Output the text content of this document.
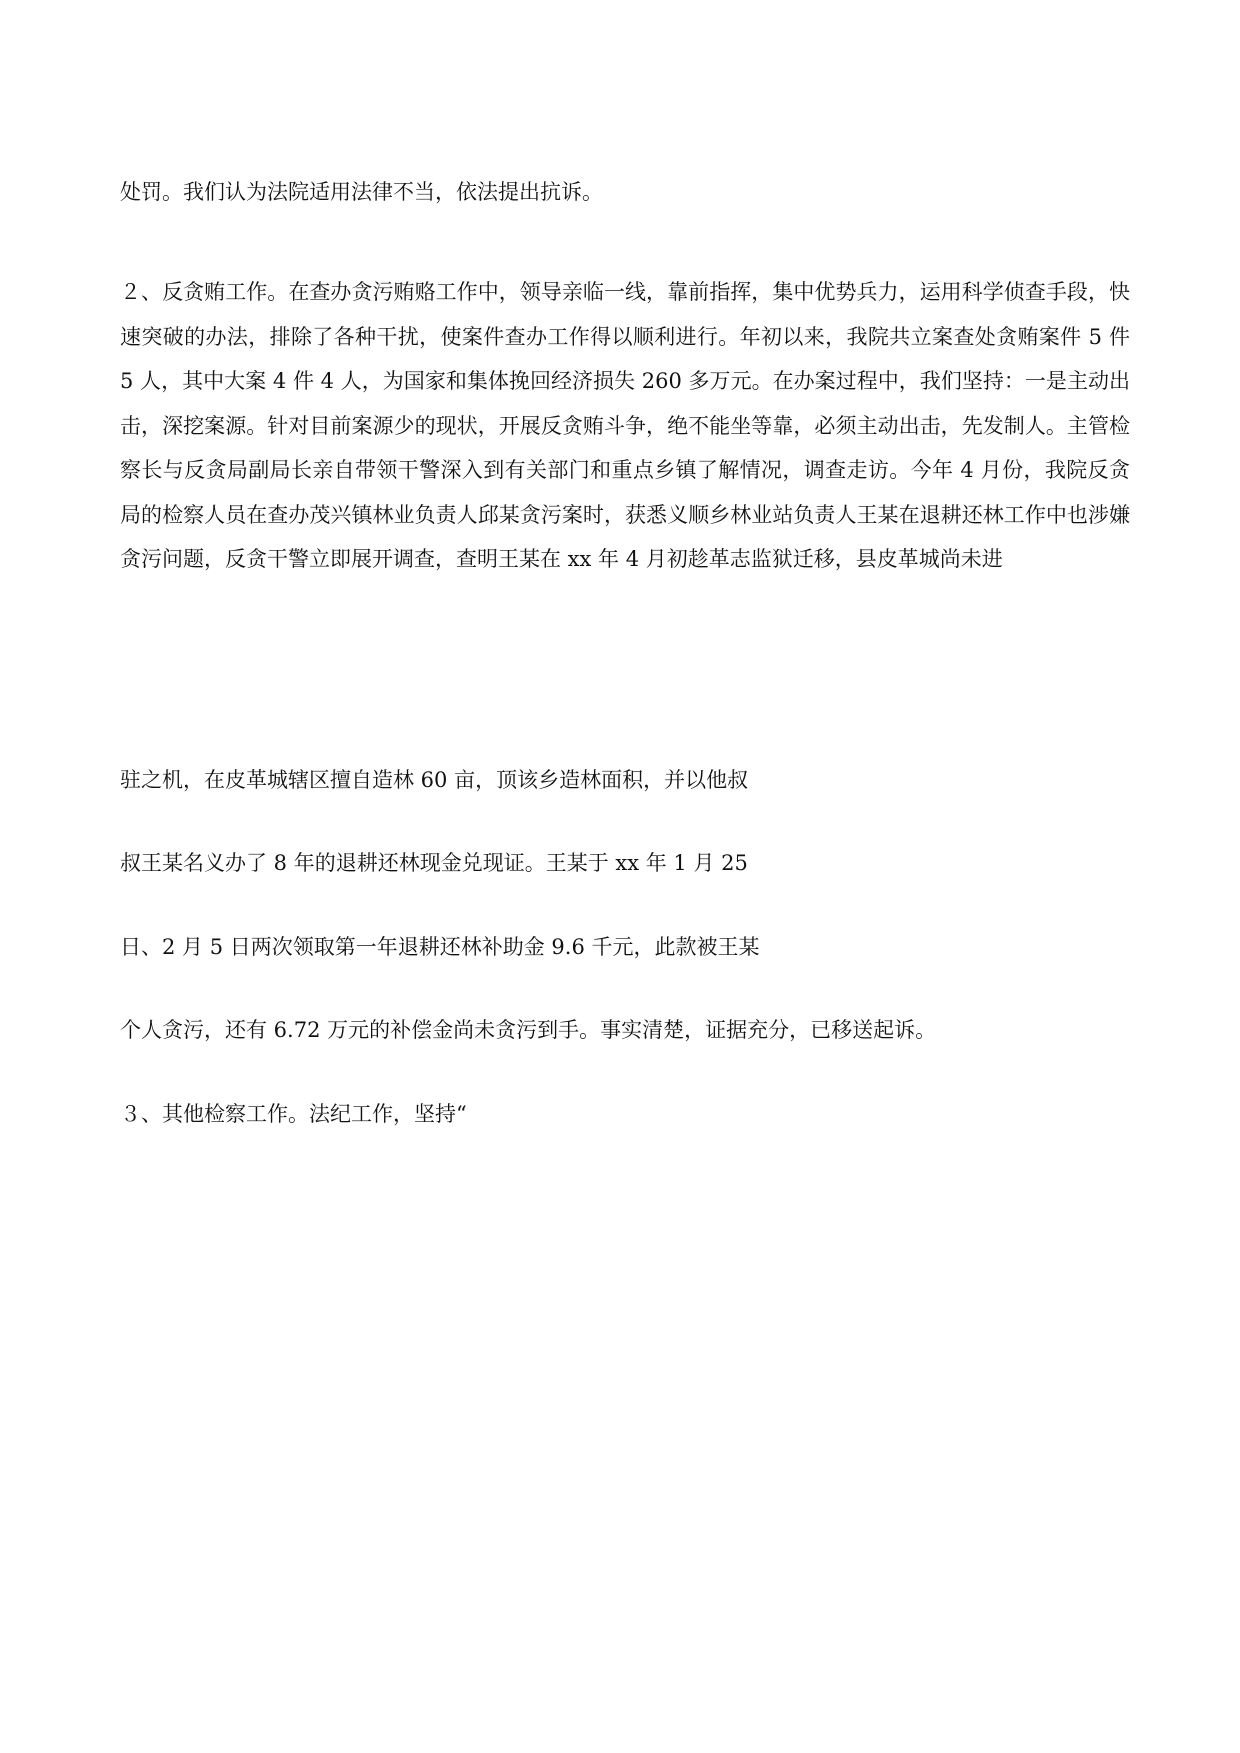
处罚。我们认为法院适用法律不当，依法提出抗诉。

２、反贪贿工作。在查办贪污贿赂工作中，领导亲临一线，靠前指挥，集中优势兵力，运用科学侦查手段，快速突破的办法，排除了各种干扰，使案件查办工作得以顺利进行。年初以来，我院共立案查处贪贿案件 5 件 5 人，其中大案 4 件 4 人，为国家和集体挽回经济损失 260 多万元。在办案过程中，我们坚持：一是主动出击，深挖案源。针对目前案源少的现状，开展反贪贿斗争，绝不能坐等靠，必须主动出击，先发制人。主管检察长与反贪局副局长亲自带领干警深入到有关部门和重点乡镇了解情况，调查走访。今年 4 月份，我院反贪局的检察人员在查办茂兴镇林业负责人邱某贪污案时，获悉义顺乡林业站负责人王某在退耕还林工作中也涉嫌贪污问题，反贪干警立即展开调查，查明王某在 xx 年 4 月初趁革志监狱迁移，县皮革城尚未进

驻之机，在皮革城辖区擅自造林 60 亩，顶该乡造林面积，并以他叔

叔王某名义办了 8 年的退耕还林现金兑现证。王某于 xx 年 1 月 25

日、2 月 5 日两次领取第一年退耕还林补助金 9.6 千元，此款被王某

个人贪污，还有 6.72 万元的补偿金尚未贪污到手。事实清楚，证据充分，已移送起诉。

３、其他检察工作。法纪工作，坚持“
